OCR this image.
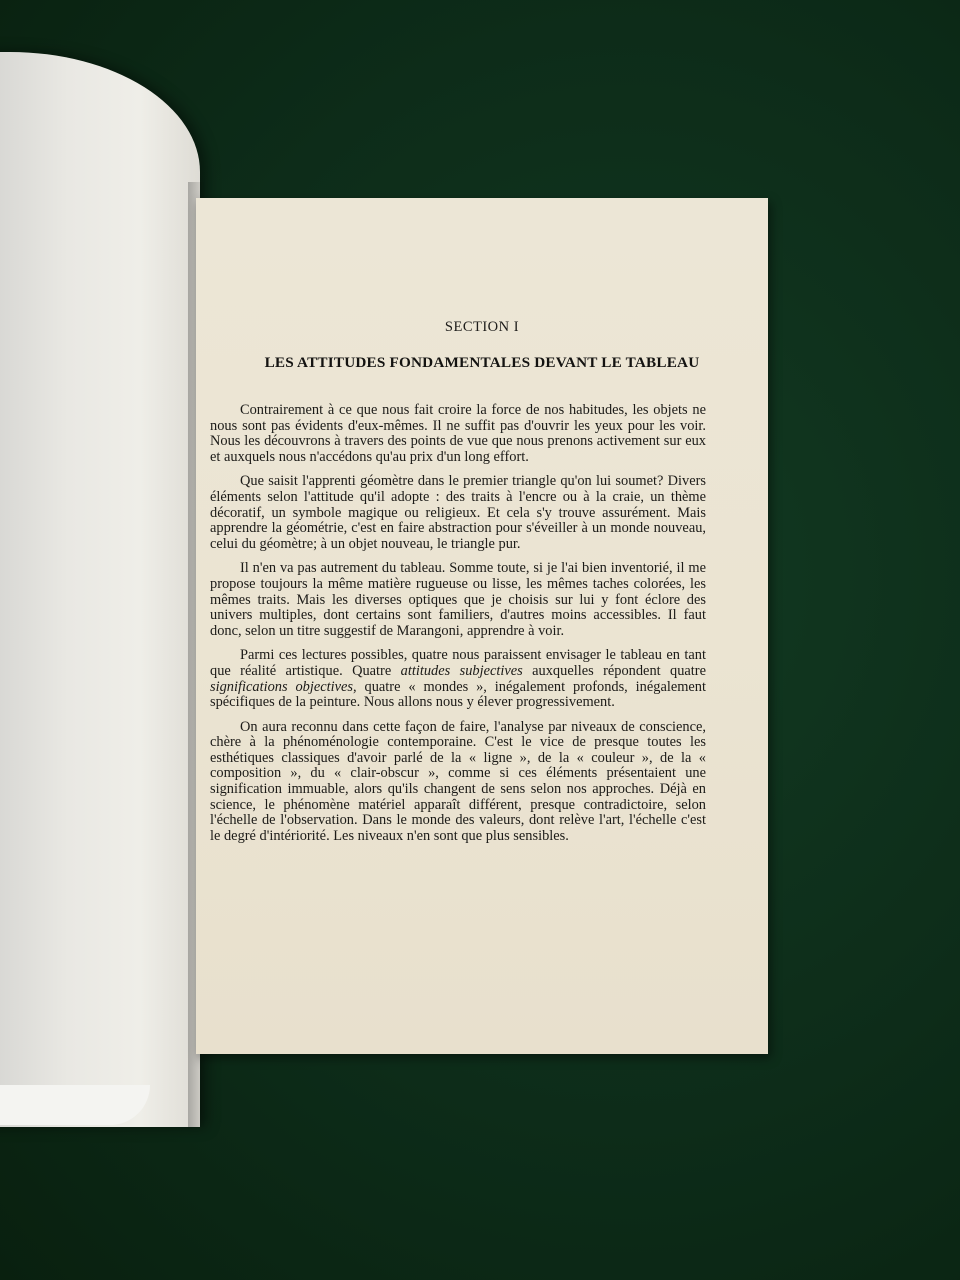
SECTION I
LES ATTITUDES FONDAMENTALES DEVANT LE TABLEAU

Contrairement à ce que nous fait croire la force de nos habitudes, les objets ne nous sont pas évidents d'eux-mêmes. Il ne suffit pas d'ouvrir les yeux pour les voir. Nous les découvrons à travers des points de vue que nous prenons activement sur eux et auxquels nous n'accédons qu'au prix d'un long effort.

Que saisit l'apprenti géomètre dans le premier triangle qu'on lui soumet? Divers éléments selon l'attitude qu'il adopte : des traits à l'encre ou à la craie, un thème décoratif, un symbole magique ou religieux. Et cela s'y trouve assurément. Mais apprendre la géométrie, c'est en faire abstraction pour s'éveiller à un monde nouveau, celui du géomètre; à un objet nouveau, le triangle pur.

Il n'en va pas autrement du tableau. Somme toute, si je l'ai bien inventorié, il me propose toujours la même matière rugueuse ou lisse, les mêmes taches colorées, les mêmes traits. Mais les diverses optiques que je choisis sur lui y font éclore des univers multiples, dont certains sont familiers, d'autres moins accessibles. Il faut donc, selon un titre suggestif de Marangoni, apprendre à voir.

Parmi ces lectures possibles, quatre nous paraissent envisager le tableau en tant que réalité artistique. Quatre attitudes subjectives auxquelles répondent quatre significations objectives, quatre « mondes », inégalement profonds, inégalement spécifiques de la peinture. Nous allons nous y élever progressivement.

On aura reconnu dans cette façon de faire, l'analyse par niveaux de conscience, chère à la phénoménologie contemporaine. C'est le vice de presque toutes les esthétiques classiques d'avoir parlé de la « ligne », de la « couleur », de la « composition », du « clair-obscur », comme si ces éléments présentaient une signification immuable, alors qu'ils changent de sens selon nos approches. Déjà en science, le phénomène matériel apparaît différent, presque contradictoire, selon l'échelle de l'observation. Dans le monde des valeurs, dont relève l'art, l'échelle c'est le degré d'intériorité. Les niveaux n'en sont que plus sensibles.
